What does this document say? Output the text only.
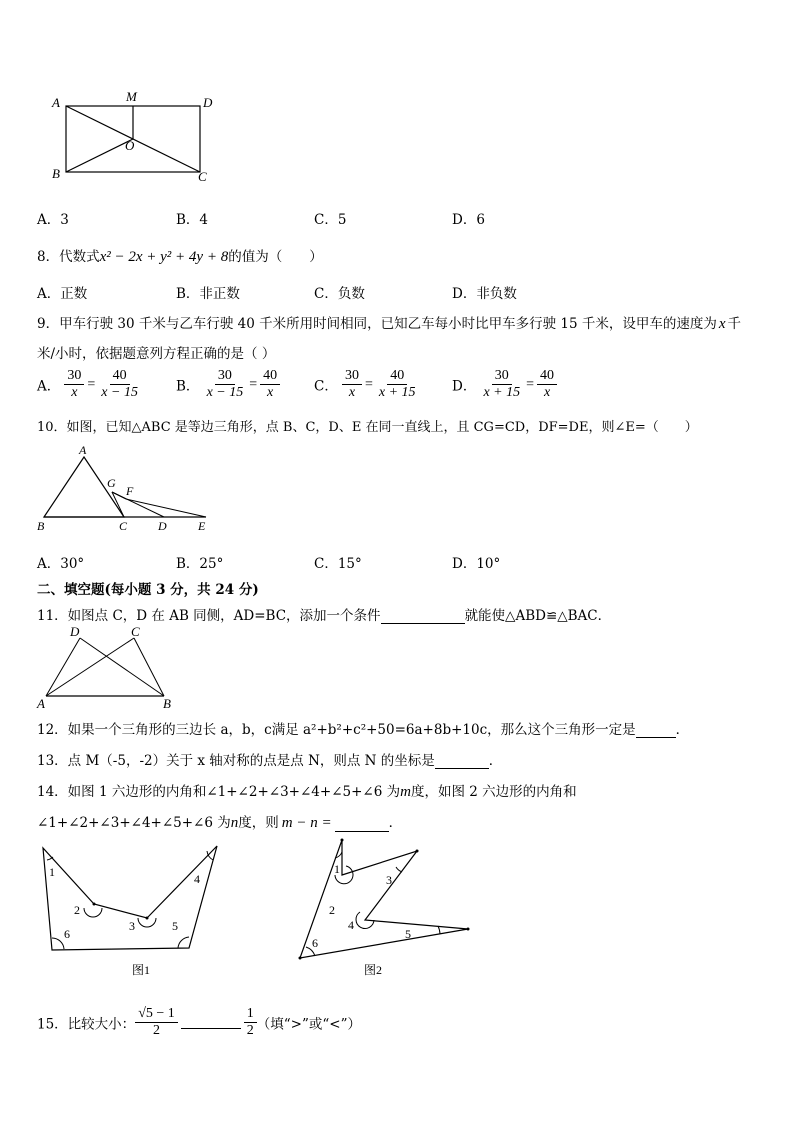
A	M	D
B
O
C
A．3	B．4	C．5	D．6
8．代数式x² − 2x + y² + 4y + 8的值为（　　）
A．正数	B．非正数	C．负数	D．非负数
9．甲车行驶 30 千米与乙车行驶 40 千米所用时间相同，已知乙车每小时比甲车多行驶 15 千米，设甲车的速度为 x 千
米/小时，依据题意列方程正确的是（ ）
A． $\frac{30}{x} = \frac{40}{x - 15}$	B． $\frac{30}{x - 15} = \frac{40}{x}$	C． $\frac{30}{x} = \frac{40}{x + 15}$ D． $\frac{30}{x + 15} = \frac{40}{x}$
10．如图，已知△ABC 是等边三角形，点 B、C，D、E 在同一直线上，且 CG=CD，DF=DE，则∠E=（　　）
A
G
F
B	C	D	E
A．30°	B．25°	C．15°	D．10°
二、填空题(每小题 3 分，共 24 分)
11．如图点 C，D 在 AB 同侧，AD=BC，添加一个条件	就能使△ABD≌△BAC．
D	C
A	B
12．如果一个三角形的三边长 a，b，c满足 a²+b²+c²+50=6a+8b+10c，那么这个三角形一定是	．
13．点 M（-5，-2）关于 x 轴对称的点是点 N，则点 N 的坐标是	．
14．如图 1 六边形的内角和∠1+∠2+∠3+∠4+∠5+∠6 为m度，如图 2 六边形的内角和
∠1+∠2+∠3+∠4+∠5+∠6 为n度，则 m − n =	．
1
2
3
4
5
6
图1
1
2
3
4
5
6
图2
15．比较大小： $\frac{√5 - 1}{2}$	$\frac{1}{2}$ （填“>”或“<”）
